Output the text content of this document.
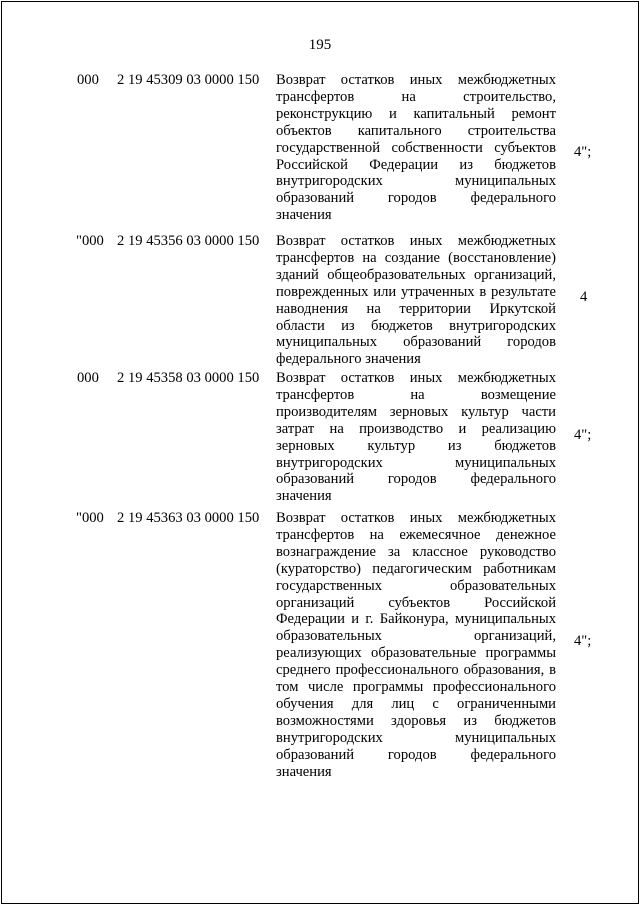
195
000 2 19 45309 03 0000 150 Возврат остатков иных межбюджетных
трансфертов на строительство,
реконструкцию и капитальный ремонт
объектов капитального строительства
государственной собственности субъектов
Российской Федерации из бюджетов
внутригородских муниципальных
образований городов федерального
значения
4";
"000 2 19 45356 03 0000 150 Возврат остатков иных межбюджетных
трансфертов на создание (восстановление)
зданий общеобразовательных организаций,
поврежденных или утраченных в результате
наводнения на территории Иркутской
области из бюджетов внутригородских
муниципальных образований городов
федерального значения
4
000 2 19 45358 03 0000 150 Возврат остатков иных межбюджетных
трансфертов на возмещение
производителям зерновых культур части
затрат на производство и реализацию
зерновых культур из бюджетов
внутригородских муниципальных
образований городов федерального
значения
4";
"000 2 19 45363 03 0000 150 Возврат остатков иных межбюджетных
трансфертов на ежемесячное денежное
вознаграждение за классное руководство
(кураторство) педагогическим работникам
государственных образовательных
организаций субъектов Российской
Федерации и г. Байконура, муниципальных
образовательных организаций,
реализующих образовательные программы
среднего профессионального образования, в
том числе программы профессионального
обучения для лиц с ограниченными
возможностями здоровья из бюджетов
внутригородских муниципальных
образований городов федерального
значения
4";
